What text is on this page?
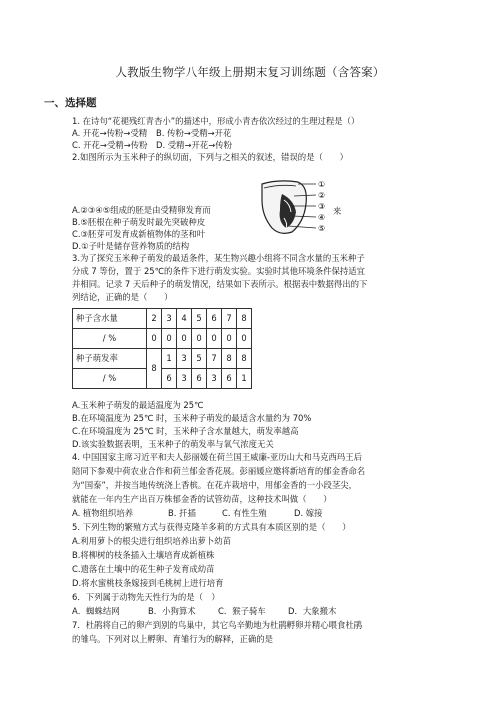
人教版生物学八年级上册期末复习训练题（含答案）
一、选择题
1. 在诗句“花褪残红青杏小”的描述中，形成小青杏依次经过的生理过程是（）
A. 开花→传粉→受精 B. 传粉→受精→开花
C. 开花→受精→传粉 D. 受精→开花→传粉
2.如图所示为玉米种子的纵切面，下列与之相关的叙述，错误的是（　　）
①
②
③
④
⑤
来
A.②③④⑤组成的胚是由受精卵发育而
B.⑤胚根在种子萌发时最先突破种皮
C.③胚芽可发育成新植物体的茎和叶
D.①子叶是储存营养物质的结构
3.为了探究玉米种子萌发的最适条件，某生物兴趣小组将不同含水量的玉米种子
分成 7 等份，置于 25℃的条件下进行萌发实验。实验时其他环境条件保持适宜
并相同。记录 7 天后种子的萌发情况，结果如下表所示。根据表中数据得出的下
列结论，正确的是（　　）
种子含水量	2	3	4	5	6	7	8
/ %	0	0	0	0	0	0	0
种子萌发率	8	1	3	5	7	8	8
/ %		6	3	6	3	6	1
A.玉米种子萌发的最适温度为 25℃
B.在环境温度为 25℃ 时，玉米种子萌发的最适含水量约为 70%
C.在环境温度为 25℃ 时，玉米种子含水量越大，萌发率越高
D.该实验数据表明，玉米种子的萌发率与氧气浓度无关
4. 中国国家主席习近平和夫人彭丽媛在荷兰国王威廉-亚历山大和马克西玛王后
陪同下参观中荷农业合作和荷兰郁金香花展。彭丽媛应邀将新培育的郁金香命名
为“国泰”，并按当地传统浇上香槟。在花卉栽培中，用郁金香的一小段茎尖，
就能在一年内生产出百万株郁金香的试管幼苗，这种技术叫做（　　）
A. 植物组织培养	B. 扦插	C. 有性生殖	D. 嫁接
5. 下列生物的繁殖方式与获得克隆羊多莉的方式具有本质区别的是（　　）
A.利用萝卜的根尖进行组织培养出萝卜幼苗
B.将柳树的枝条插入土壤培育成新植株
C.遗落在土壤中的花生种子发育成幼苗
D.将水蜜桃枝条嫁接到毛桃树上进行培育
6．下列属于动物先天性行为的是（　）
A．蜘蛛结网	B．小狗算术	C．猴子骑车	D．大象搬木
7．杜鹃将自己的卵产到别的鸟巢中，其它鸟辛勤地为杜鹃孵卵并精心喂食杜鹃
的雏鸟。下列对以上孵卵、育雏行为的解释，正确的是
